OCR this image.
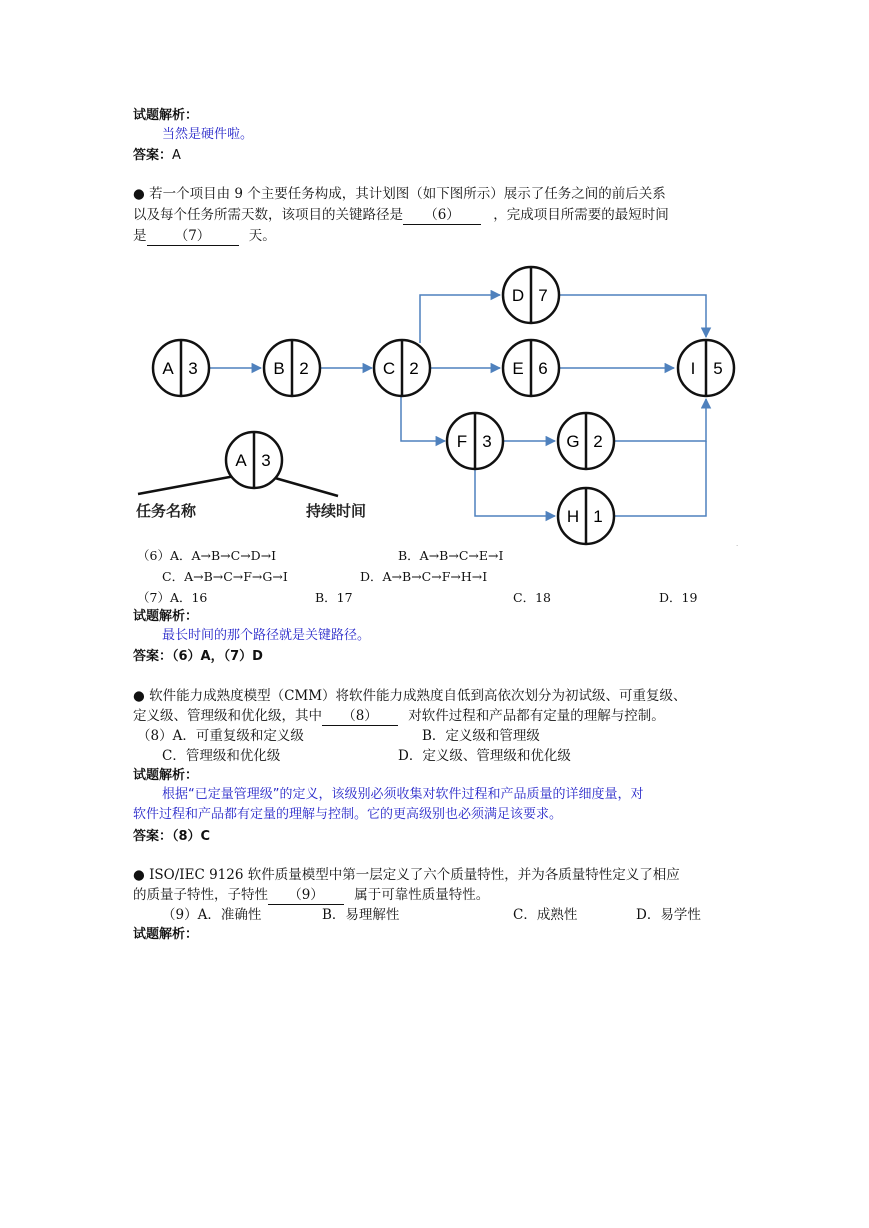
试题解析：
当然是硬件啦。
答案：A
● 若一个项目由 9 个主要任务构成，其计划图（如下图所示）展示了任务之间的前后关系
以及每个任务所需天数，该项目的关键路径是 （6） ，完成项目所需要的最短时间
是 （7）	天。
A 3	B 2	C 2
D 7
E 6
F 3	G 2
H 1
I 5
A 3
任务名称	持续时间
.
（6）A．A→B→C→D→I	B．A→B→C→E→I
C．A→B→C→F→G→I	D．A→B→C→F→H→I
（7）A．16	B．17	C．18	D．19
试题解析：
最长时间的那个路径就是关键路径。
答案：（6）A，（7）D
● 软件能力成熟度模型（CMM）将软件能力成熟度自低到高依次划分为初试级、可重复级、
定义级、管理级和优化级，其中 （8） 对软件过程和产品都有定量的理解与控制。
（8）A．可重复级和定义级	B．定义级和管理级
C．管理级和优化级	D．定义级、管理级和优化级
试题解析：
根据“已定量管理级”的定义，该级别必须收集对软件过程和产品质量的详细度量，对
软件过程和产品都有定量的理解与控制。它的更高级别也必须满足该要求。
答案：（8）C
● ISO/IEC 9126 软件质量模型中第一层定义了六个质量特性，并为各质量特性定义了相应
的质量子特性，子特性 （9） 属于可靠性质量特性。
（9）A．准确性	B．易理解性	C．成熟性	D．易学性
试题解析：
